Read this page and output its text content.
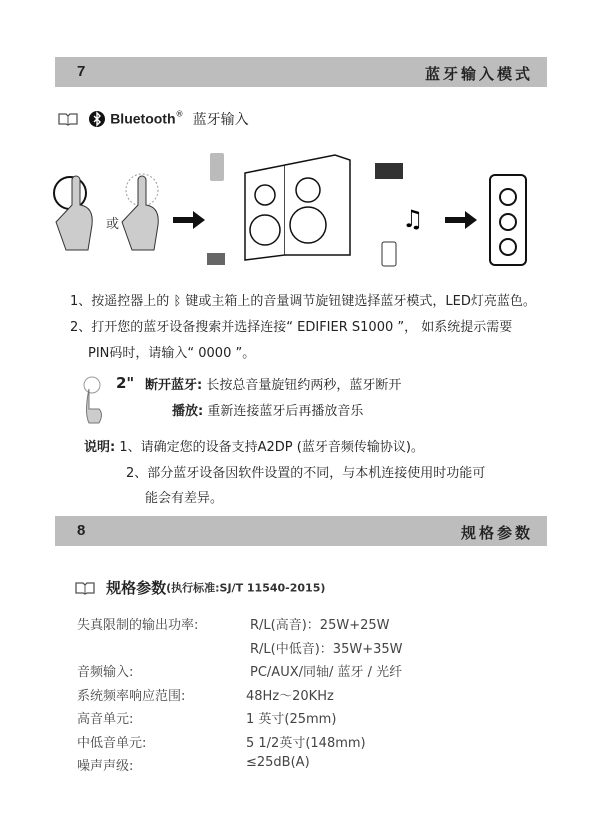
7	蓝牙输入模式
Bluetooth® 蓝牙输入
或	♫
1、按遥控器上的 ᛒ 键或主箱上的音量调节旋钮键选择蓝牙模式，LED灯亮蓝色。
2、打开您的蓝牙设备搜索并选择连接“ EDIFIER S1000 ”， 如系统提示需要
PIN码时，请输入“ 0000 ”。
2" 断开蓝牙: 长按总音量旋钮约两秒，蓝牙断开
播放: 重新连接蓝牙后再播放音乐
说明: 1、请确定您的设备支持A2DP (蓝牙音频传输协议)。
2、部分蓝牙设备因软件设置的不同，与本机连接使用时功能可
能会有差异。
8	规格参数
规格参数(执行标准:SJ/T 11540-2015)
失真限制的输出功率:	R/L(高音)：25W+25W
R/L(中低音)：35W+35W
音频输入:	PC/AUX/同轴/ 蓝牙 / 光纤
系统频率响应范围:	48Hz～20KHz
高音单元:	1 英寸(25mm)
中低音单元:	5 1/2英寸(148mm)
噪声声级:	≤25dB(A)
